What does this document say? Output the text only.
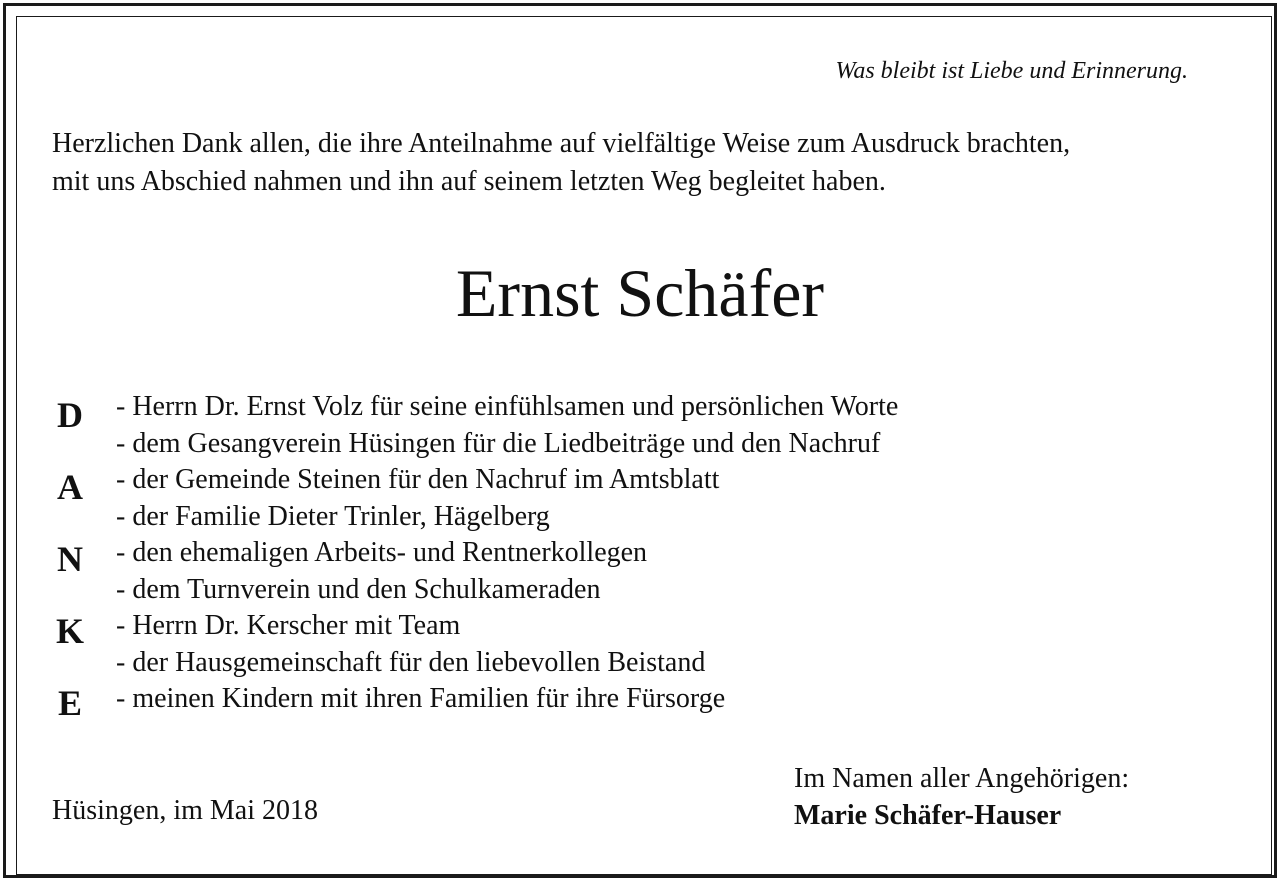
Was bleibt ist Liebe und Erinnerung.
Herzlichen Dank allen, die ihre Anteilnahme auf vielfältige Weise zum Ausdruck brachten,
mit uns Abschied nahmen und ihn auf seinem letzten Weg begleitet haben.
Ernst Schäfer
D
A
N
K
E
- Herrn Dr. Ernst Volz für seine einfühlsamen und persönlichen Worte
- dem Gesangverein Hüsingen für die Liedbeiträge und den Nachruf
- der Gemeinde Steinen für den Nachruf im Amtsblatt
- der Familie Dieter Trinler, Hägelberg
- den ehemaligen Arbeits- und Rentnerkollegen
- dem Turnverein und den Schulkameraden
- Herrn Dr. Kerscher mit Team
- der Hausgemeinschaft für den liebevollen Beistand
- meinen Kindern mit ihren Familien für ihre Fürsorge
Hüsingen, im Mai 2018
Im Namen aller Angehörigen:
Marie Schäfer-Hauser
